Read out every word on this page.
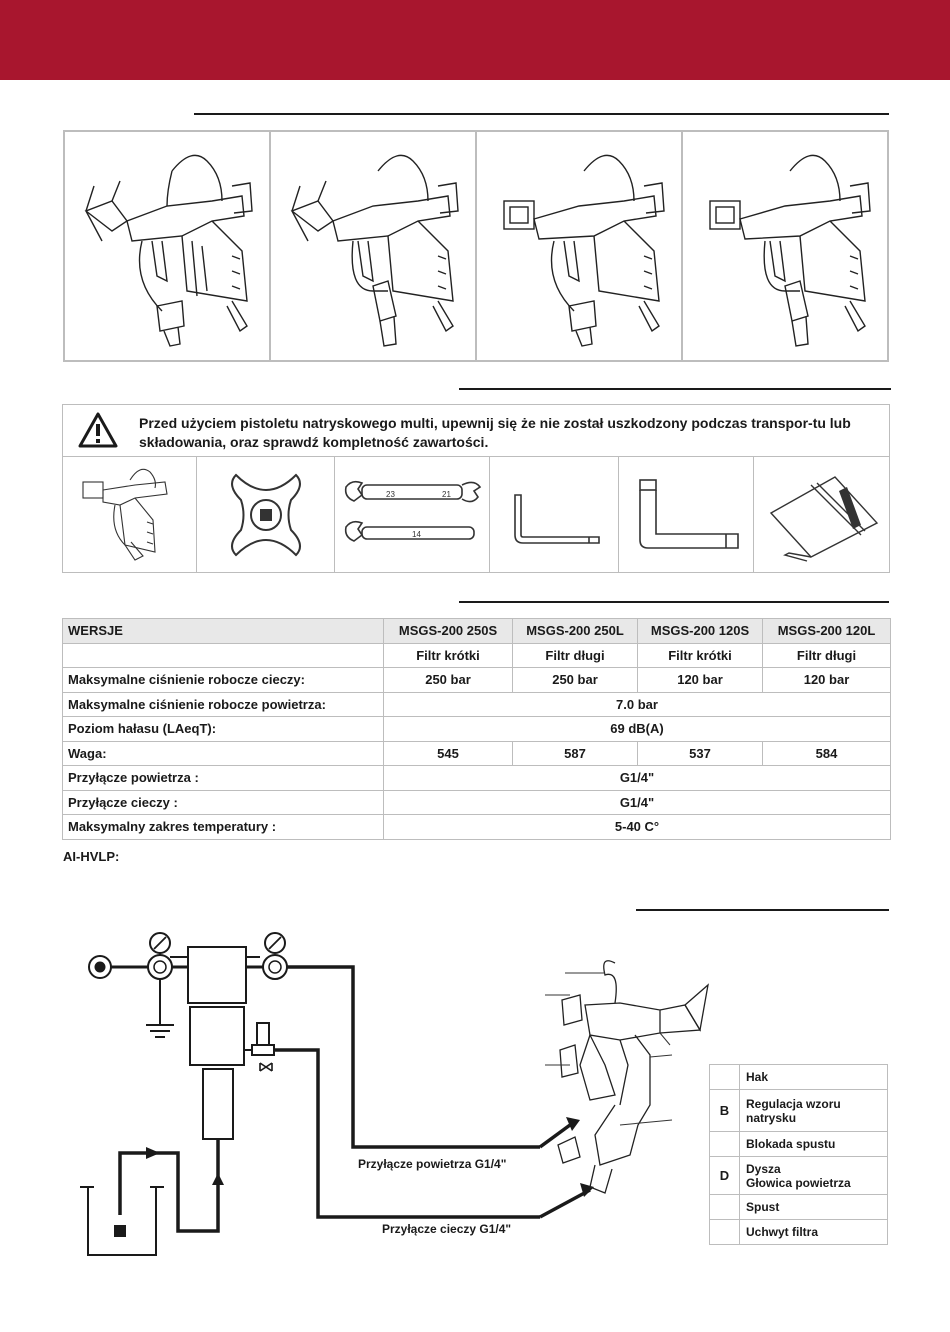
Przed użyciem pistoletu natryskowego multi, upewnij się że nie został uszkodzony podczas transpor-tu lub składowania, oraz sprawdź kompletność zawartości.
23	21
14
WERSJE	MSGS-200 250S	MSGS-200 250L	MSGS-200 120S	MSGS-200 120L
	Filtr krótki	Filtr długi	Filtr krótki	Filtr długi
Maksymalne ciśnienie robocze cieczy:	250 bar	250 bar	120 bar	120 bar
Maksymalne ciśnienie robocze powietrza:	7.0 bar			
Poziom hałasu (LAeqT):	69 dB(A)			
Waga:	545	587	537	584
Przyłącze powietrza :	G1/4"			
Przyłącze cieczy :	G1/4"			
Maksymalny zakres temperatury :	5-40 C°			
AI-HVLP:
Przyłącze powietrza G1/4"
Przyłącze cieczy G1/4"
	Hak
B	Regulacja wzoru natrysku
	Blokada spustu
D	Dysza
Głowica powietrza

	Spust
	Uchwyt filtra
